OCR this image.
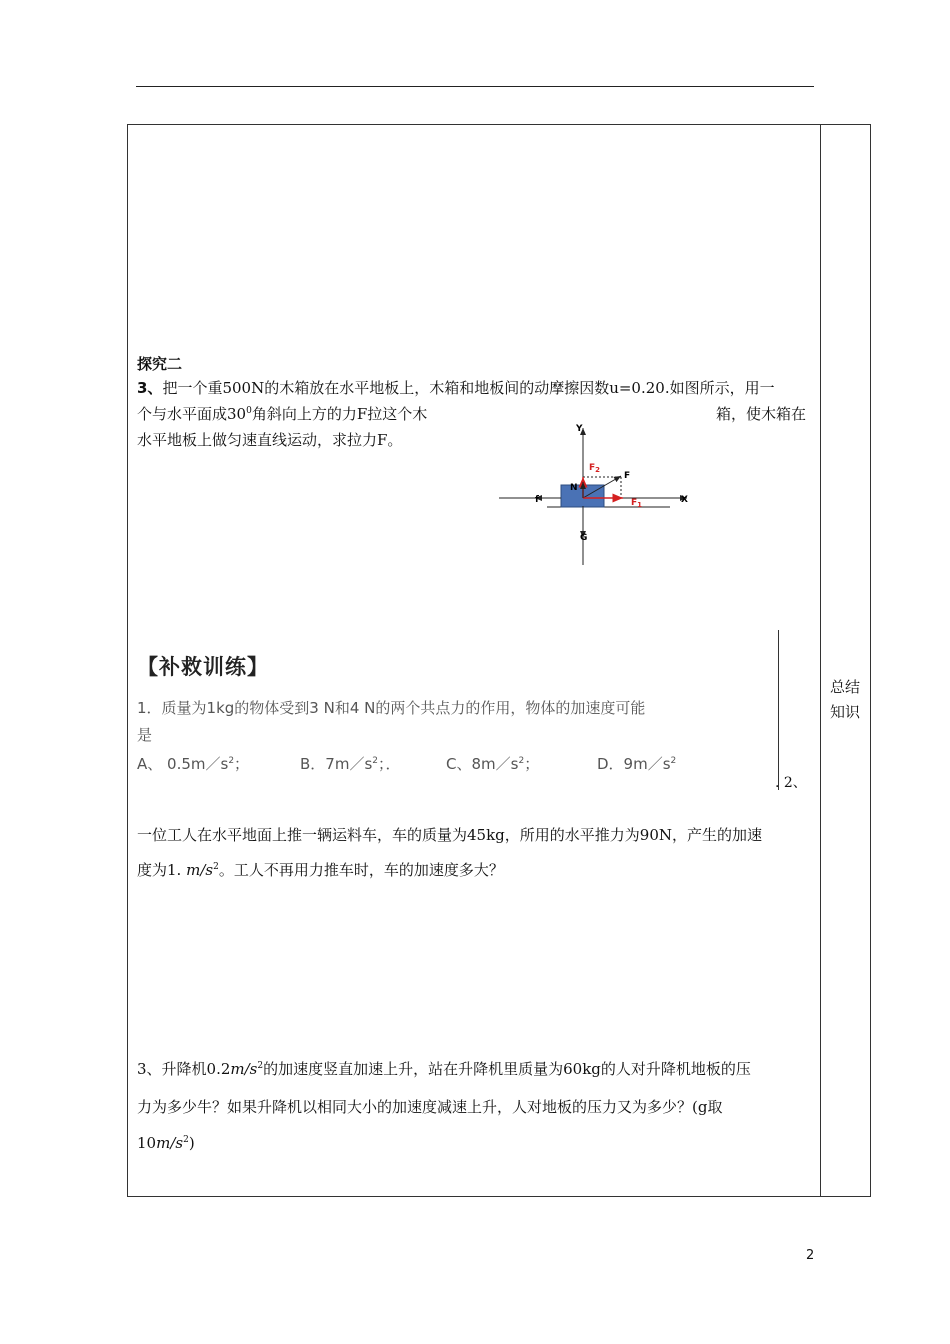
总结知识
探究二
3、把一个重500N的木箱放在水平地板上，木箱和地板间的动摩擦因数u=0.20.如图所示，用一
个与水平面成$30^0$角斜向上方的力F拉这个木	箱，使木箱在
水平地板上做匀速直线运动，求拉力F。
Y
X
$F_2$
F
N
$F_1$
f
G
【补救训练】
1．质量为1kg的物体受到3 N和4 N的两个共点力的作用，物体的加速度可能
是
A、 $0.5m/s^2$；	B．$7m/s^2$；．	C、$8m/s^2$；	D．$9m/s^2$
. 2、
一位工人在水平地面上推一辆运料车，车的质量为45kg，所用的水平推力为90N，产生的加速
度为1. $m/s^2$。工人不再用力推车时，车的加速度多大？
3、升降机$0.2m/s^2$的加速度竖直加速上升，站在升降机里质量为60kg的人对升降机地板的压
力为多少牛？如果升降机以相同大小的加速度减速上升，人对地板的压力又为多少？(g取
$10m/s^2$)
2
